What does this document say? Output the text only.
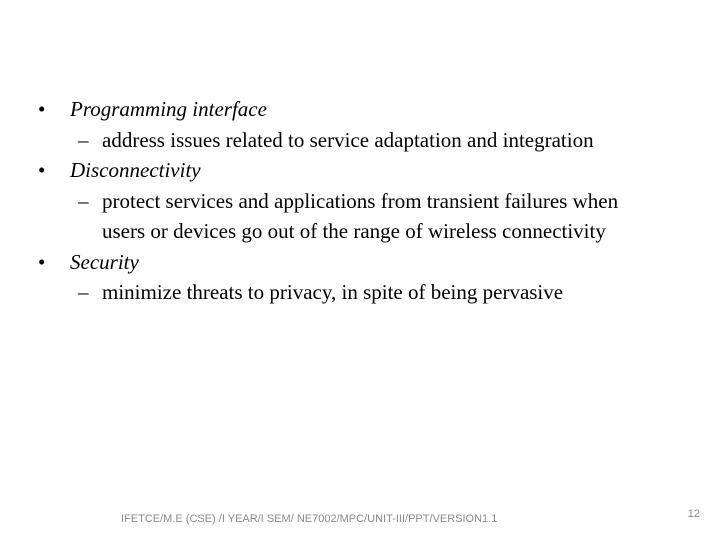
•	Programming interface
– address issues related to service adaptation and integration
•	Disconnectivity
– protect services and applications from transient failures when users or devices go out of the range of wireless connectivity
•	Security
– minimize threats to privacy, in spite of being pervasive
IFETCE/M.E (CSE) /I YEAR/I SEM/ NE7002/MPC/UNIT-III/PPT/VERSION1.1	12
